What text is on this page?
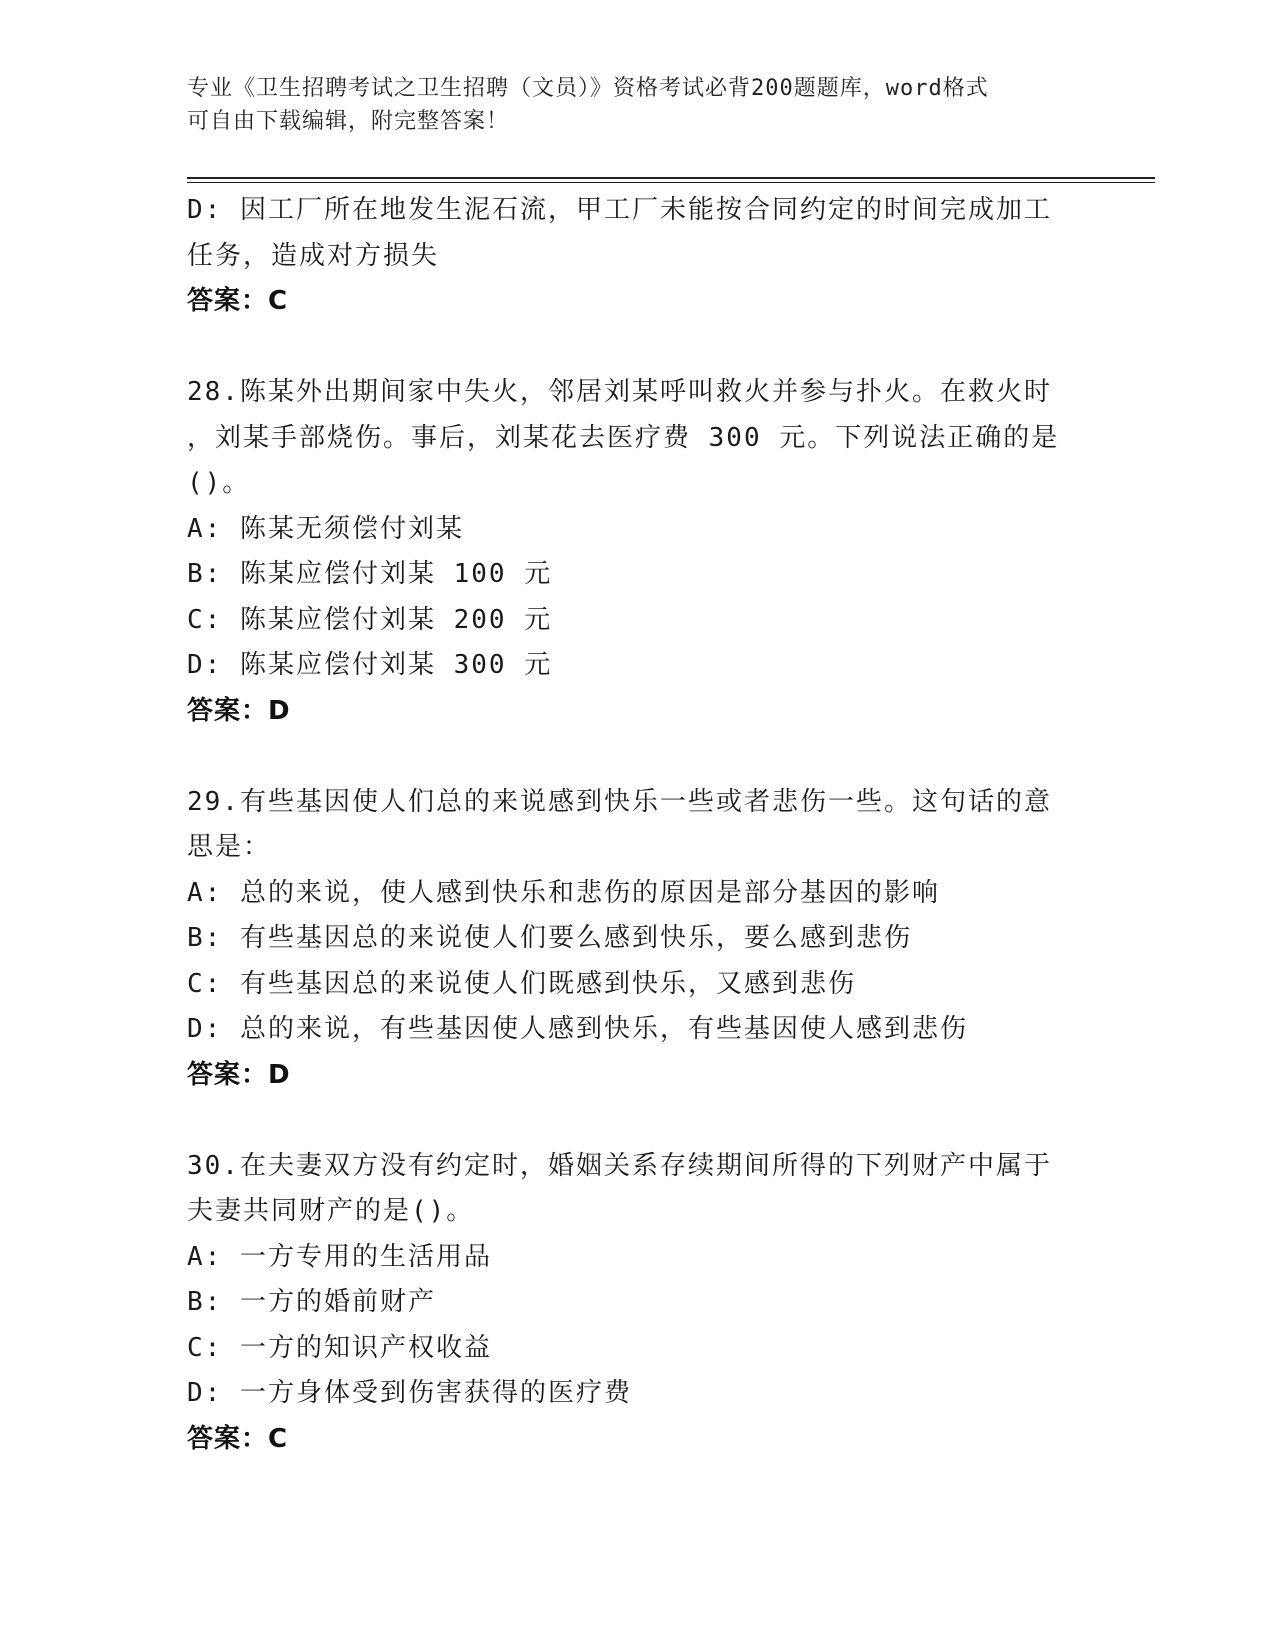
专业《卫生招聘考试之卫生招聘（文员）》资格考试必背200题题库，word格式
可自由下载编辑，附完整答案！
D: 因工厂所在地发生泥石流，甲工厂未能按合同约定的时间完成加工
任务，造成对方损失
答案：C
28.陈某外出期间家中失火，邻居刘某呼叫救火并参与扑火。在救火时
，刘某手部烧伤。事后，刘某花去医疗费 300 元。下列说法正确的是
()。
A: 陈某无须偿付刘某
B: 陈某应偿付刘某 100 元
C: 陈某应偿付刘某 200 元
D: 陈某应偿付刘某 300 元
答案：D
29.有些基因使人们总的来说感到快乐一些或者悲伤一些。这句话的意
思是：
A: 总的来说，使人感到快乐和悲伤的原因是部分基因的影响
B: 有些基因总的来说使人们要么感到快乐，要么感到悲伤
C: 有些基因总的来说使人们既感到快乐，又感到悲伤
D: 总的来说，有些基因使人感到快乐，有些基因使人感到悲伤
答案：D
30.在夫妻双方没有约定时，婚姻关系存续期间所得的下列财产中属于
夫妻共同财产的是()。
A: 一方专用的生活用品
B: 一方的婚前财产
C: 一方的知识产权收益
D: 一方身体受到伤害获得的医疗费
答案：C
